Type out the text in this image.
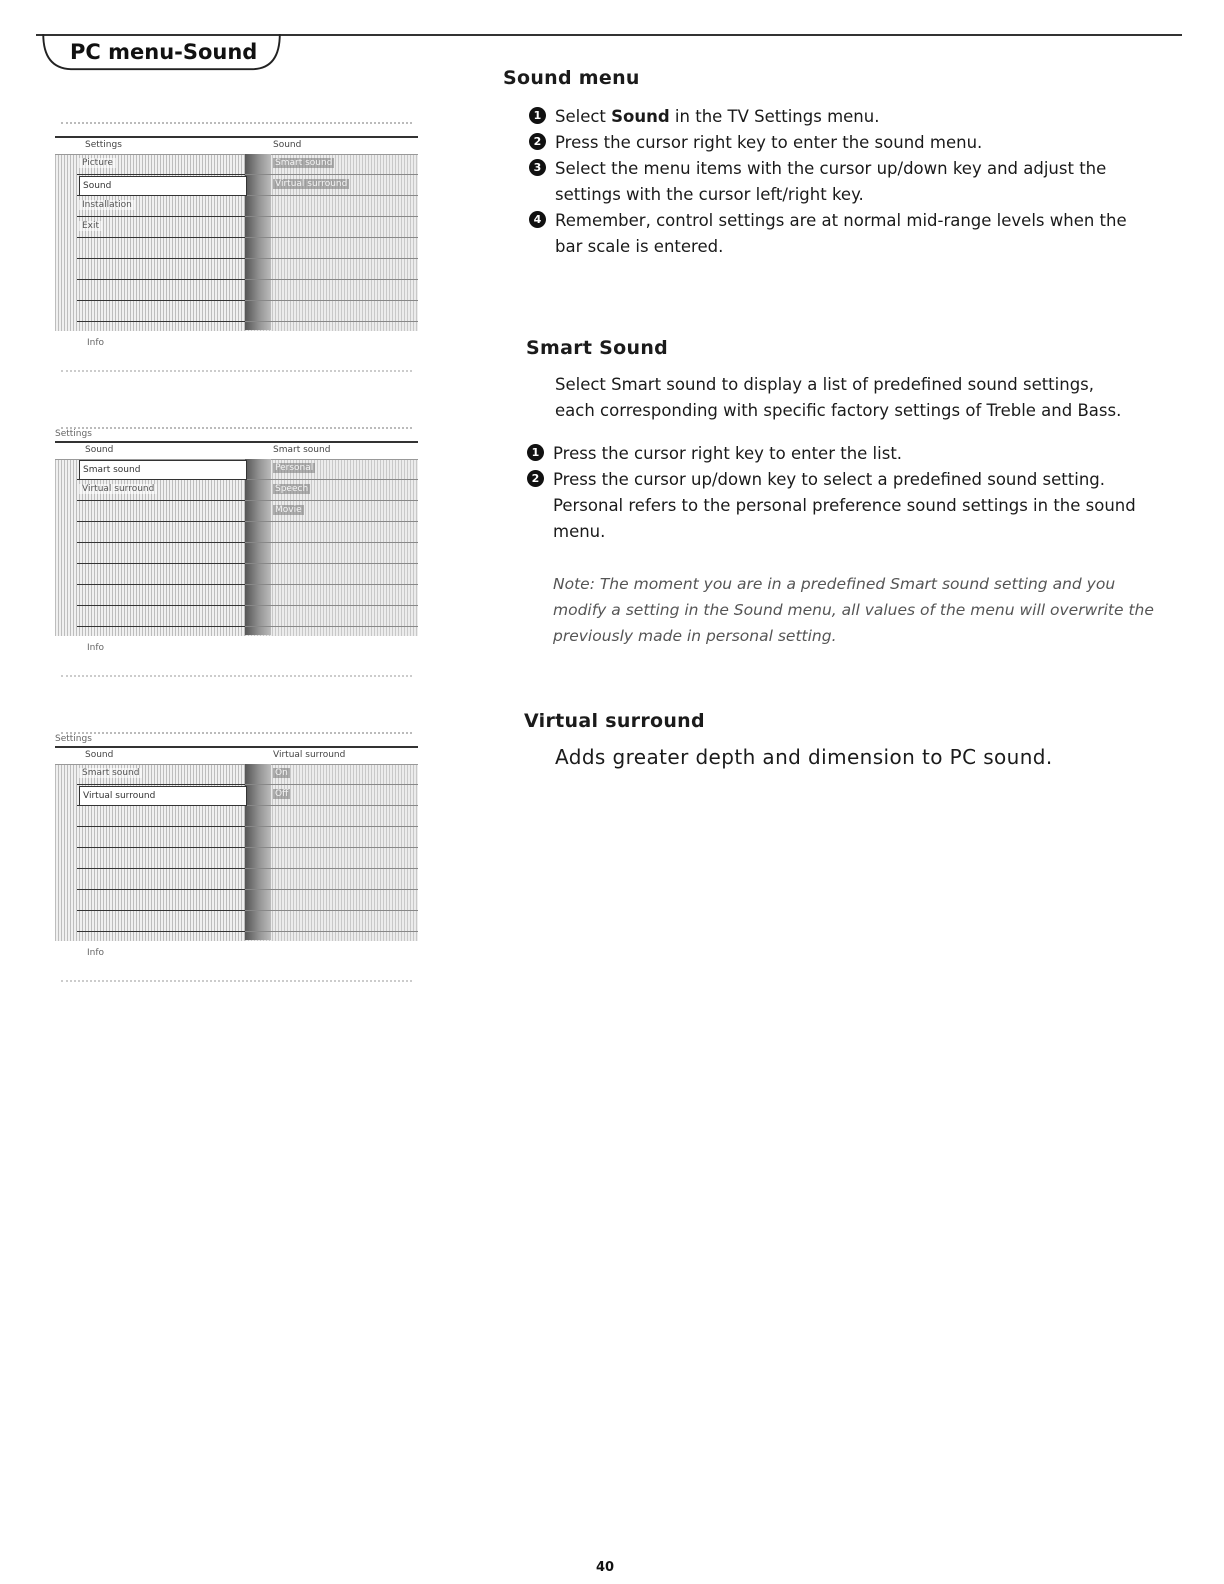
PC menu-Sound
Settings	Sound
Picture
Sound
Installation
Exit
Smart sound
Virtual surround
Info
Settings
Sound	Smart sound
Smart sound
Virtual surround
Personal
Speech
Movie
Info
Settings
Sound	Virtual surround
Smart sound
Virtual surround
On
Off
Info
Sound menu
1 Select Sound in the TV Settings menu.
2 Press the cursor right key to enter the sound menu.
3 Select the menu items with the cursor up/down key and adjust the
settings with the cursor left/right key.
4 Remember, control settings are at normal mid-range levels when the
bar scale is entered.
Smart Sound
Select Smart sound to display a list of predefined sound settings,
each corresponding with specific factory settings of Treble and Bass.
1 Press the cursor right key to enter the list.
2 Press the cursor up/down key to select a predefined sound setting.
Personal refers to the personal preference sound settings in the sound
menu.
Note: The moment you are in a predefined Smart sound setting and you
modify a setting in the Sound menu, all values of the menu will overwrite the
previously made in personal setting.
Virtual surround
Adds greater depth and dimension to PC sound.
40
